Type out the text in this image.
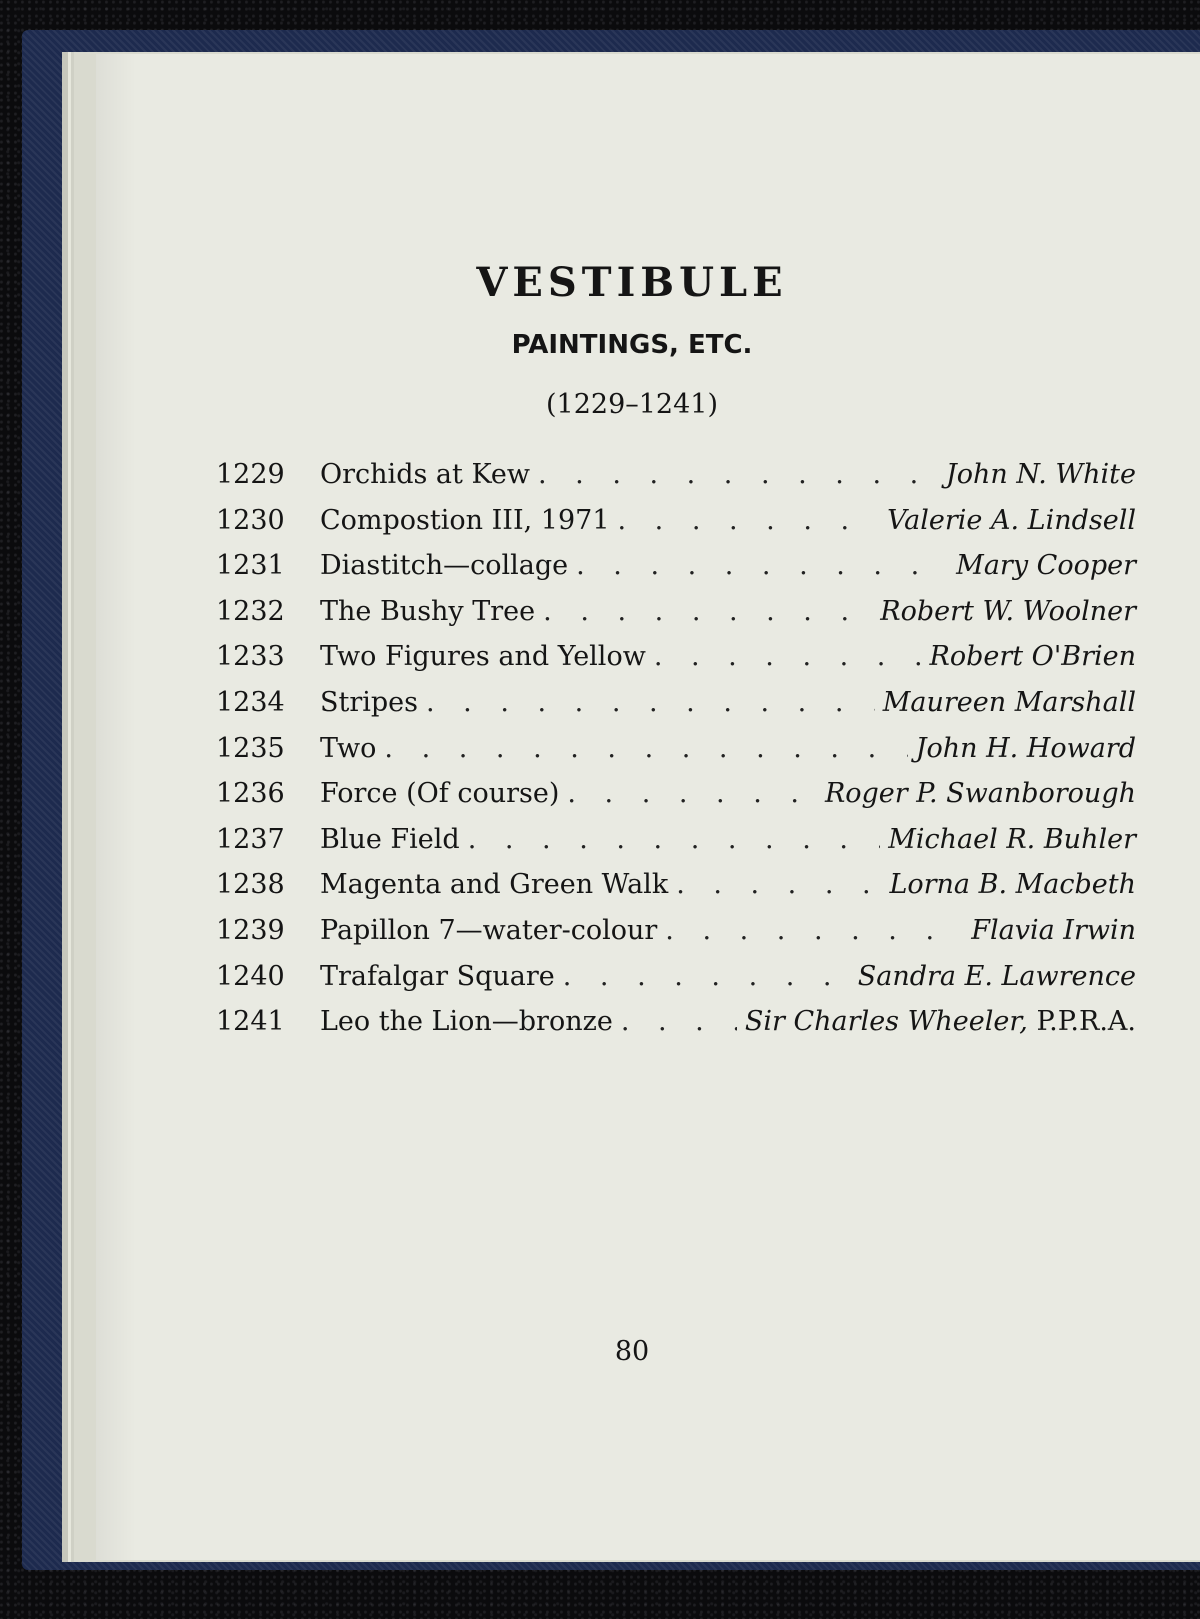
VESTIBULE
PAINTINGS, ETC.
(1229–1241)
1229	Orchids at Kew . . .	John N. White
1230	Compostion III, 1971 . . .	Valerie A. Lindsell
1231	Diastitch—collage . . .	Mary Cooper
1232	The Bushy Tree . . .	Robert W. Woolner
1233	Two Figures and Yellow . . .	Robert O'Brien
1234	Stripes . . .	Maureen Marshall
1235	Two . . .	John H. Howard
1236	Force (Of course) . . .	Roger P. Swanborough
1237	Blue Field . . .	Michael R. Buhler
1238	Magenta and Green Walk . . .	Lorna B. Macbeth
1239	Papillon 7—water-colour . . .	Flavia Irwin
1240	Trafalgar Square . . .	Sandra E. Lawrence
1241	Leo the Lion—bronze . . .	Sir Charles Wheeler, P.P.R.A.
80
